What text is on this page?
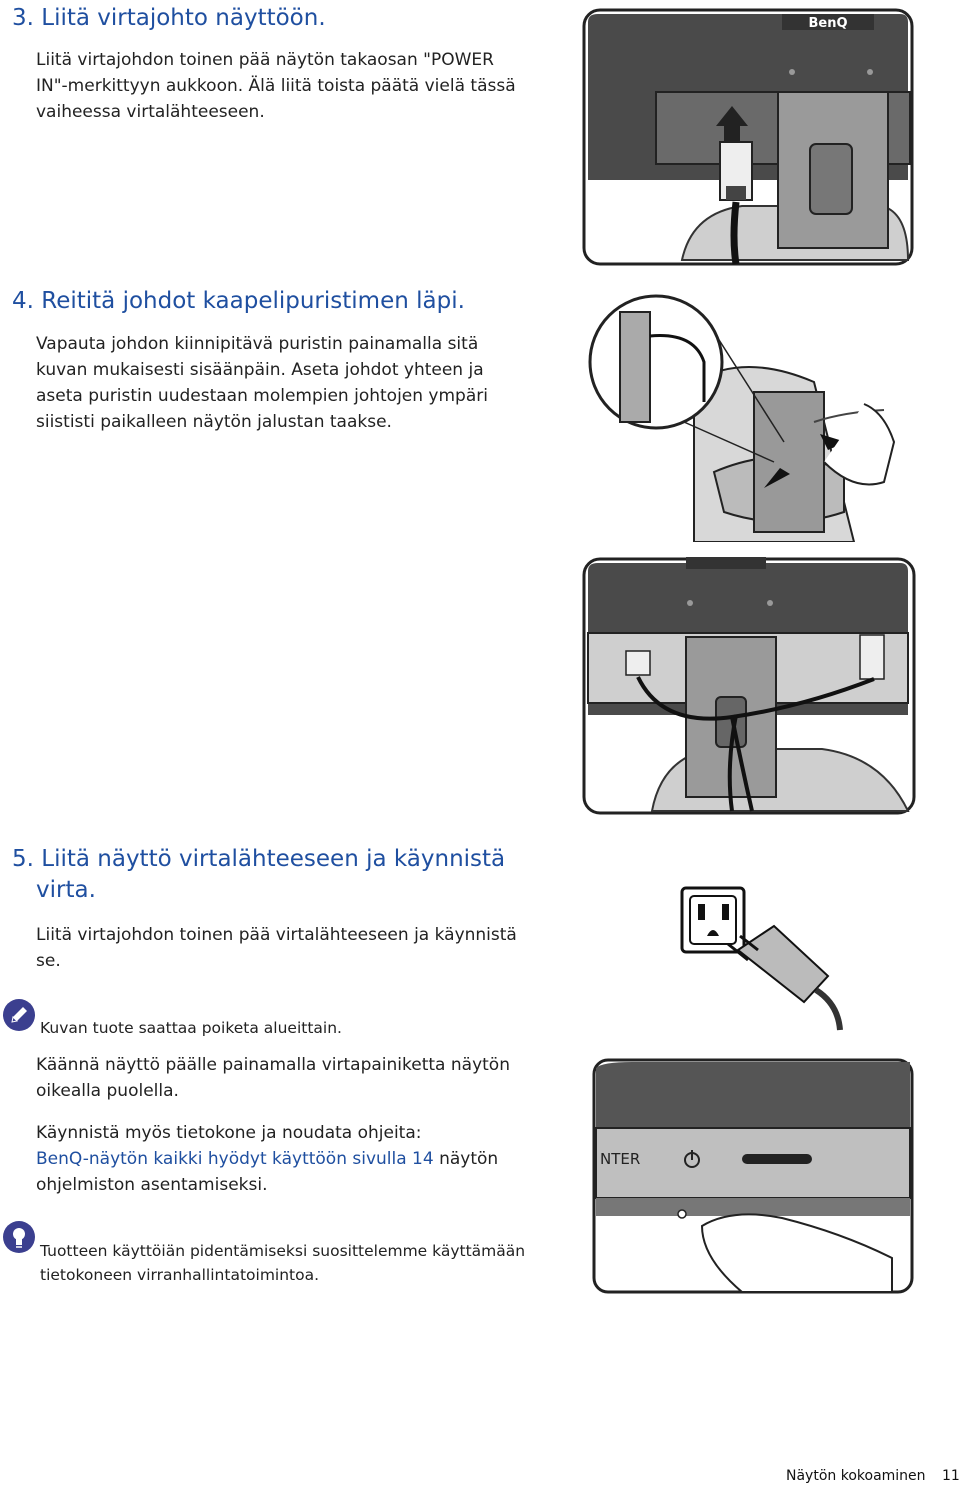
3. Liitä virtajohto näyttöön.
Liitä virtajohdon toinen pää näytön takaosan "POWER
IN"-merkittyyn aukkoon. Älä liitä toista päätä vielä tässä
vaiheessa virtalähteeseen.
BenQ
4. Reititä johdot kaapelipuristimen läpi.
Vapauta johdon kiinnipitävä puristin painamalla sitä
kuvan mukaisesti sisäänpäin. Aseta johdot yhteen ja
aseta puristin uudestaan molempien johtojen ympäri
siististi paikalleen näytön jalustan taakse.
5. Liitä näyttö virtalähteeseen ja käynnistä
virta.
Liitä virtajohdon toinen pää virtalähteeseen ja käynnistä
se.
Kuvan tuote saattaa poiketa alueittain.
Käännä näyttö päälle painamalla virtapainiketta näytön
oikealla puolella.
Käynnistä myös tietokone ja noudata ohjeita:
BenQ-näytön kaikki hyödyt käyttöön sivulla 14 näytön
ohjelmiston asentamiseksi.
NTER
Tuotteen käyttöiän pidentämiseksi suosittelemme käyttämään
tietokoneen virranhallintatoimintoa.
Näytön kokoaminen 11
